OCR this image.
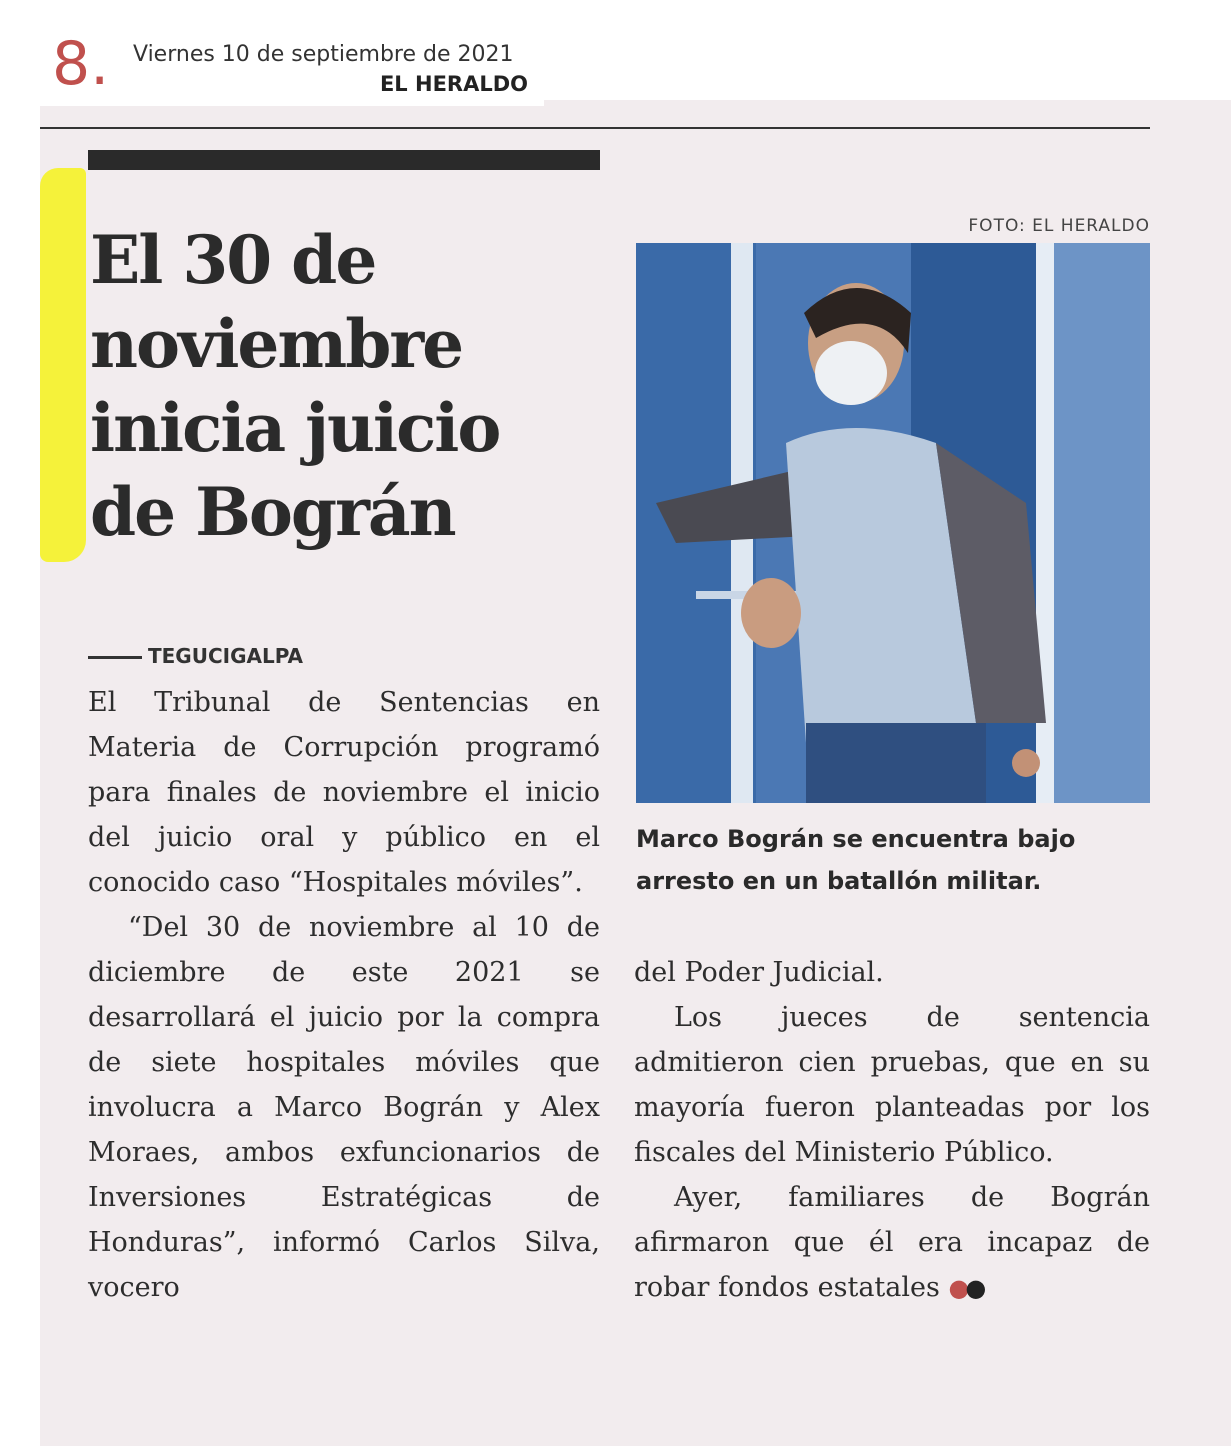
8. Viernes 10 de septiembre de 2021
EL HERALDO
El 30 de
noviembre
inicia juicio
de Bográn
TEGUCIGALPA

El Tribunal de Sentencias en Materia de Corrupción programó para finales de noviembre el inicio del juicio oral y público en el conocido caso “Hospitales móviles”.

“Del 30 de noviembre al 10 de diciembre de este 2021 se desarrollará el juicio por la compra de siete hospitales móviles que involucra a Marco Bográn y Alex Moraes, ambos exfuncionarios de Inversiones Estratégicas de Honduras”, informó Carlos Silva, vocero

FOTO: EL HERALDO
Marco Bográn se encuentra bajo arresto en un batallón militar.

del Poder Judicial.

Los jueces de sentencia admitieron cien pruebas, que en su mayoría fueron planteadas por los fiscales del Ministerio Público.

Ayer, familiares de Bográn afirmaron que él era incapaz de robar fondos estatales ●●
